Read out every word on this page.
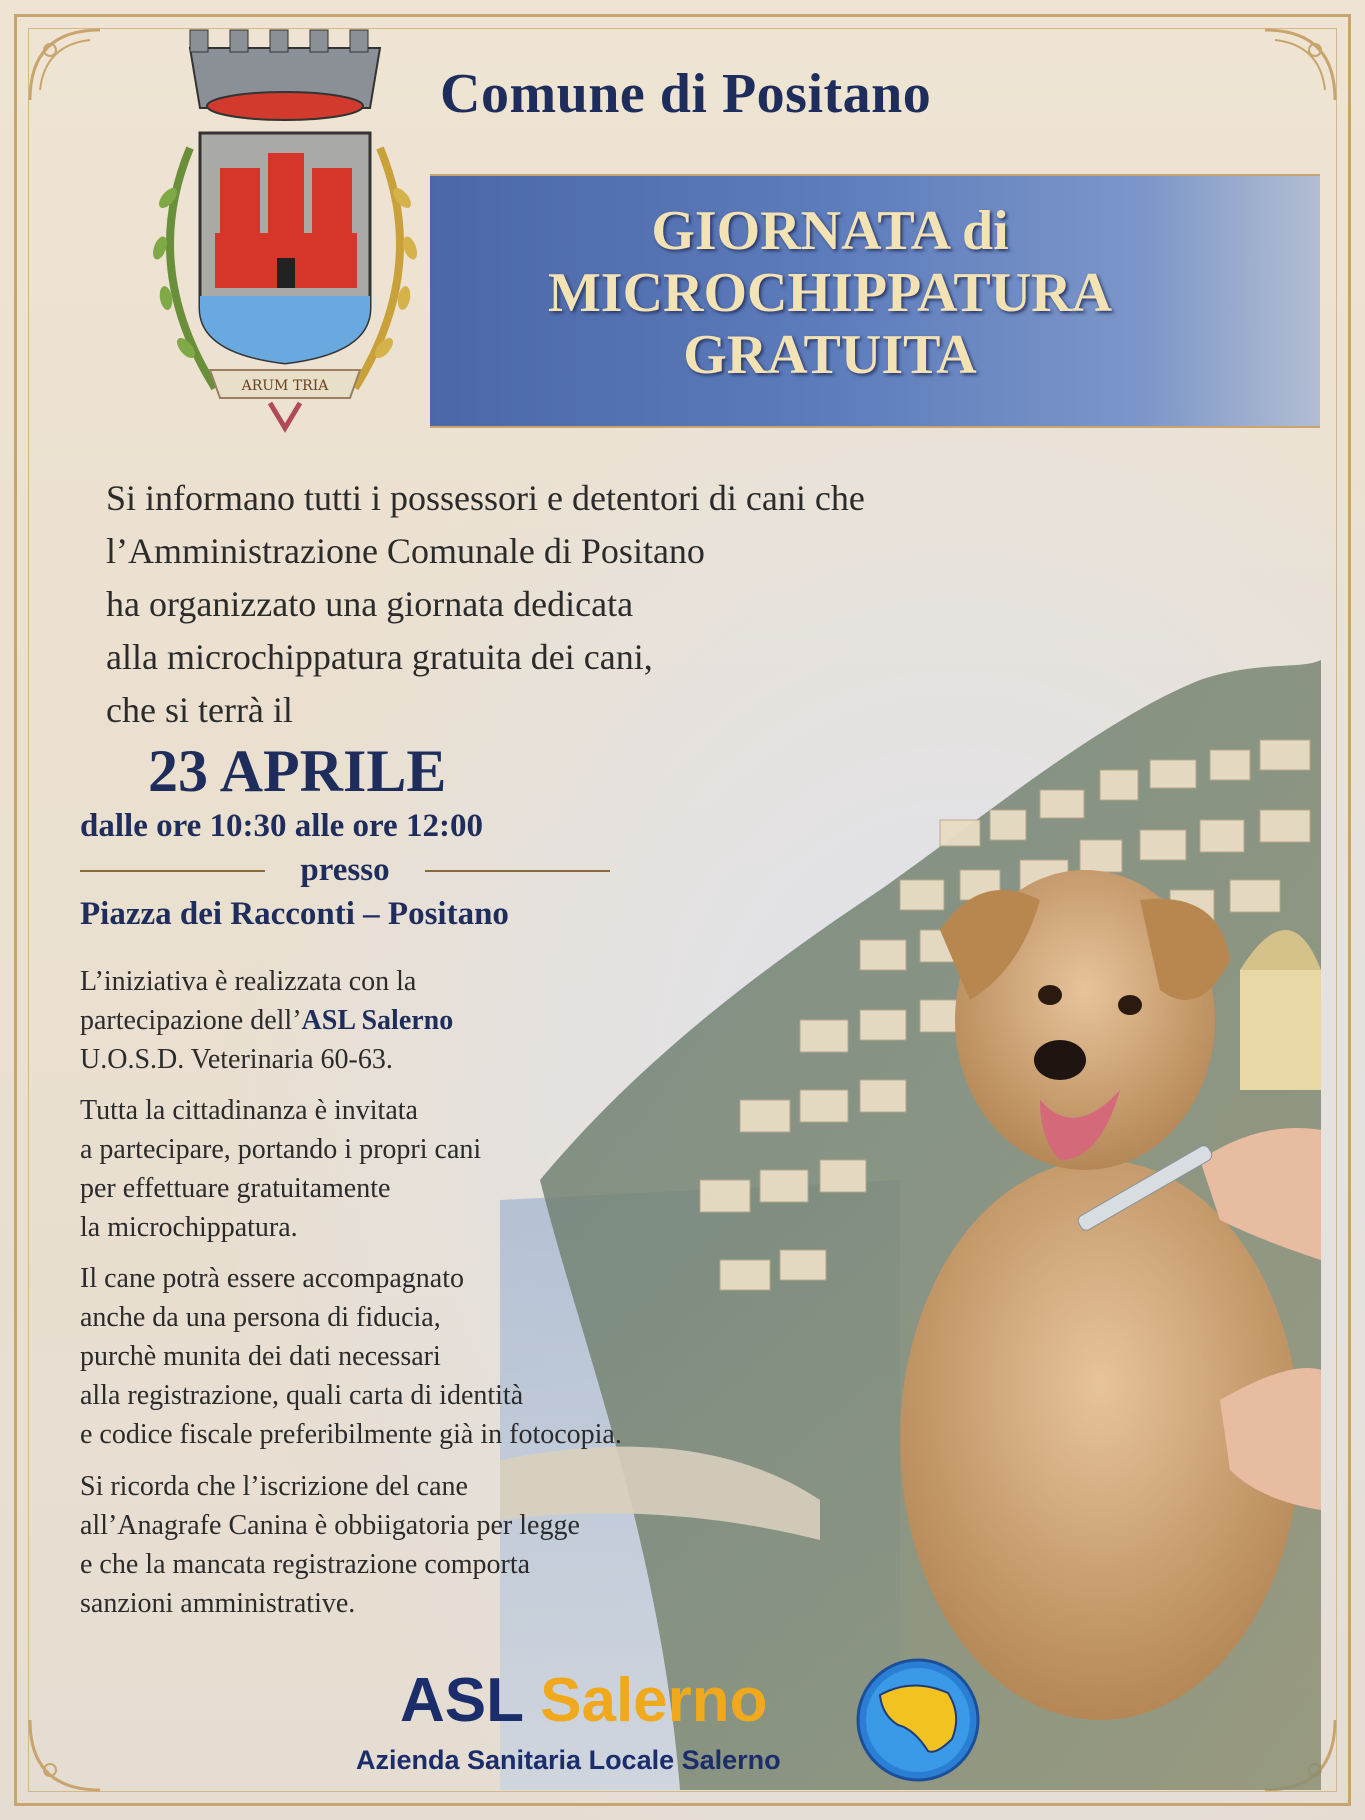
ARUM TRIA
Comune di Positano
GIORNATA di
MICROCHIPPATURA
GRATUITA
Si informano tutti i possessori e detentori di cani che
l’Amministrazione Comunale di Positano
ha organizzato una giornata dedicata
alla microchippatura gratuita dei cani,
che si terrà il
23 APRILE
dalle ore 10:30 alle ore 12:00
presso
Piazza dei Racconti – Positano
L’iniziativa è realizzata con la
partecipazione dell’ASL Salerno
U.O.S.D. Veterinaria 60-63.
Tutta la cittadinanza è invitata
a partecipare, portando i propri cani
per effettuare gratuitamente
la microchippatura.
Il cane potrà essere accompagnato
anche da una persona di fiducia,
purchè munita dei dati necessari
alla registrazione, quali carta di identità
e codice fiscale preferibilmente già in fotocopia.
Si ricorda che l’iscrizione del cane
all’Anagrafe Canina è obbiigatoria per legge
e che la mancata registrazione comporta
sanzioni amministrative.
ASL Salerno
Azienda Sanitaria Locale Salerno
